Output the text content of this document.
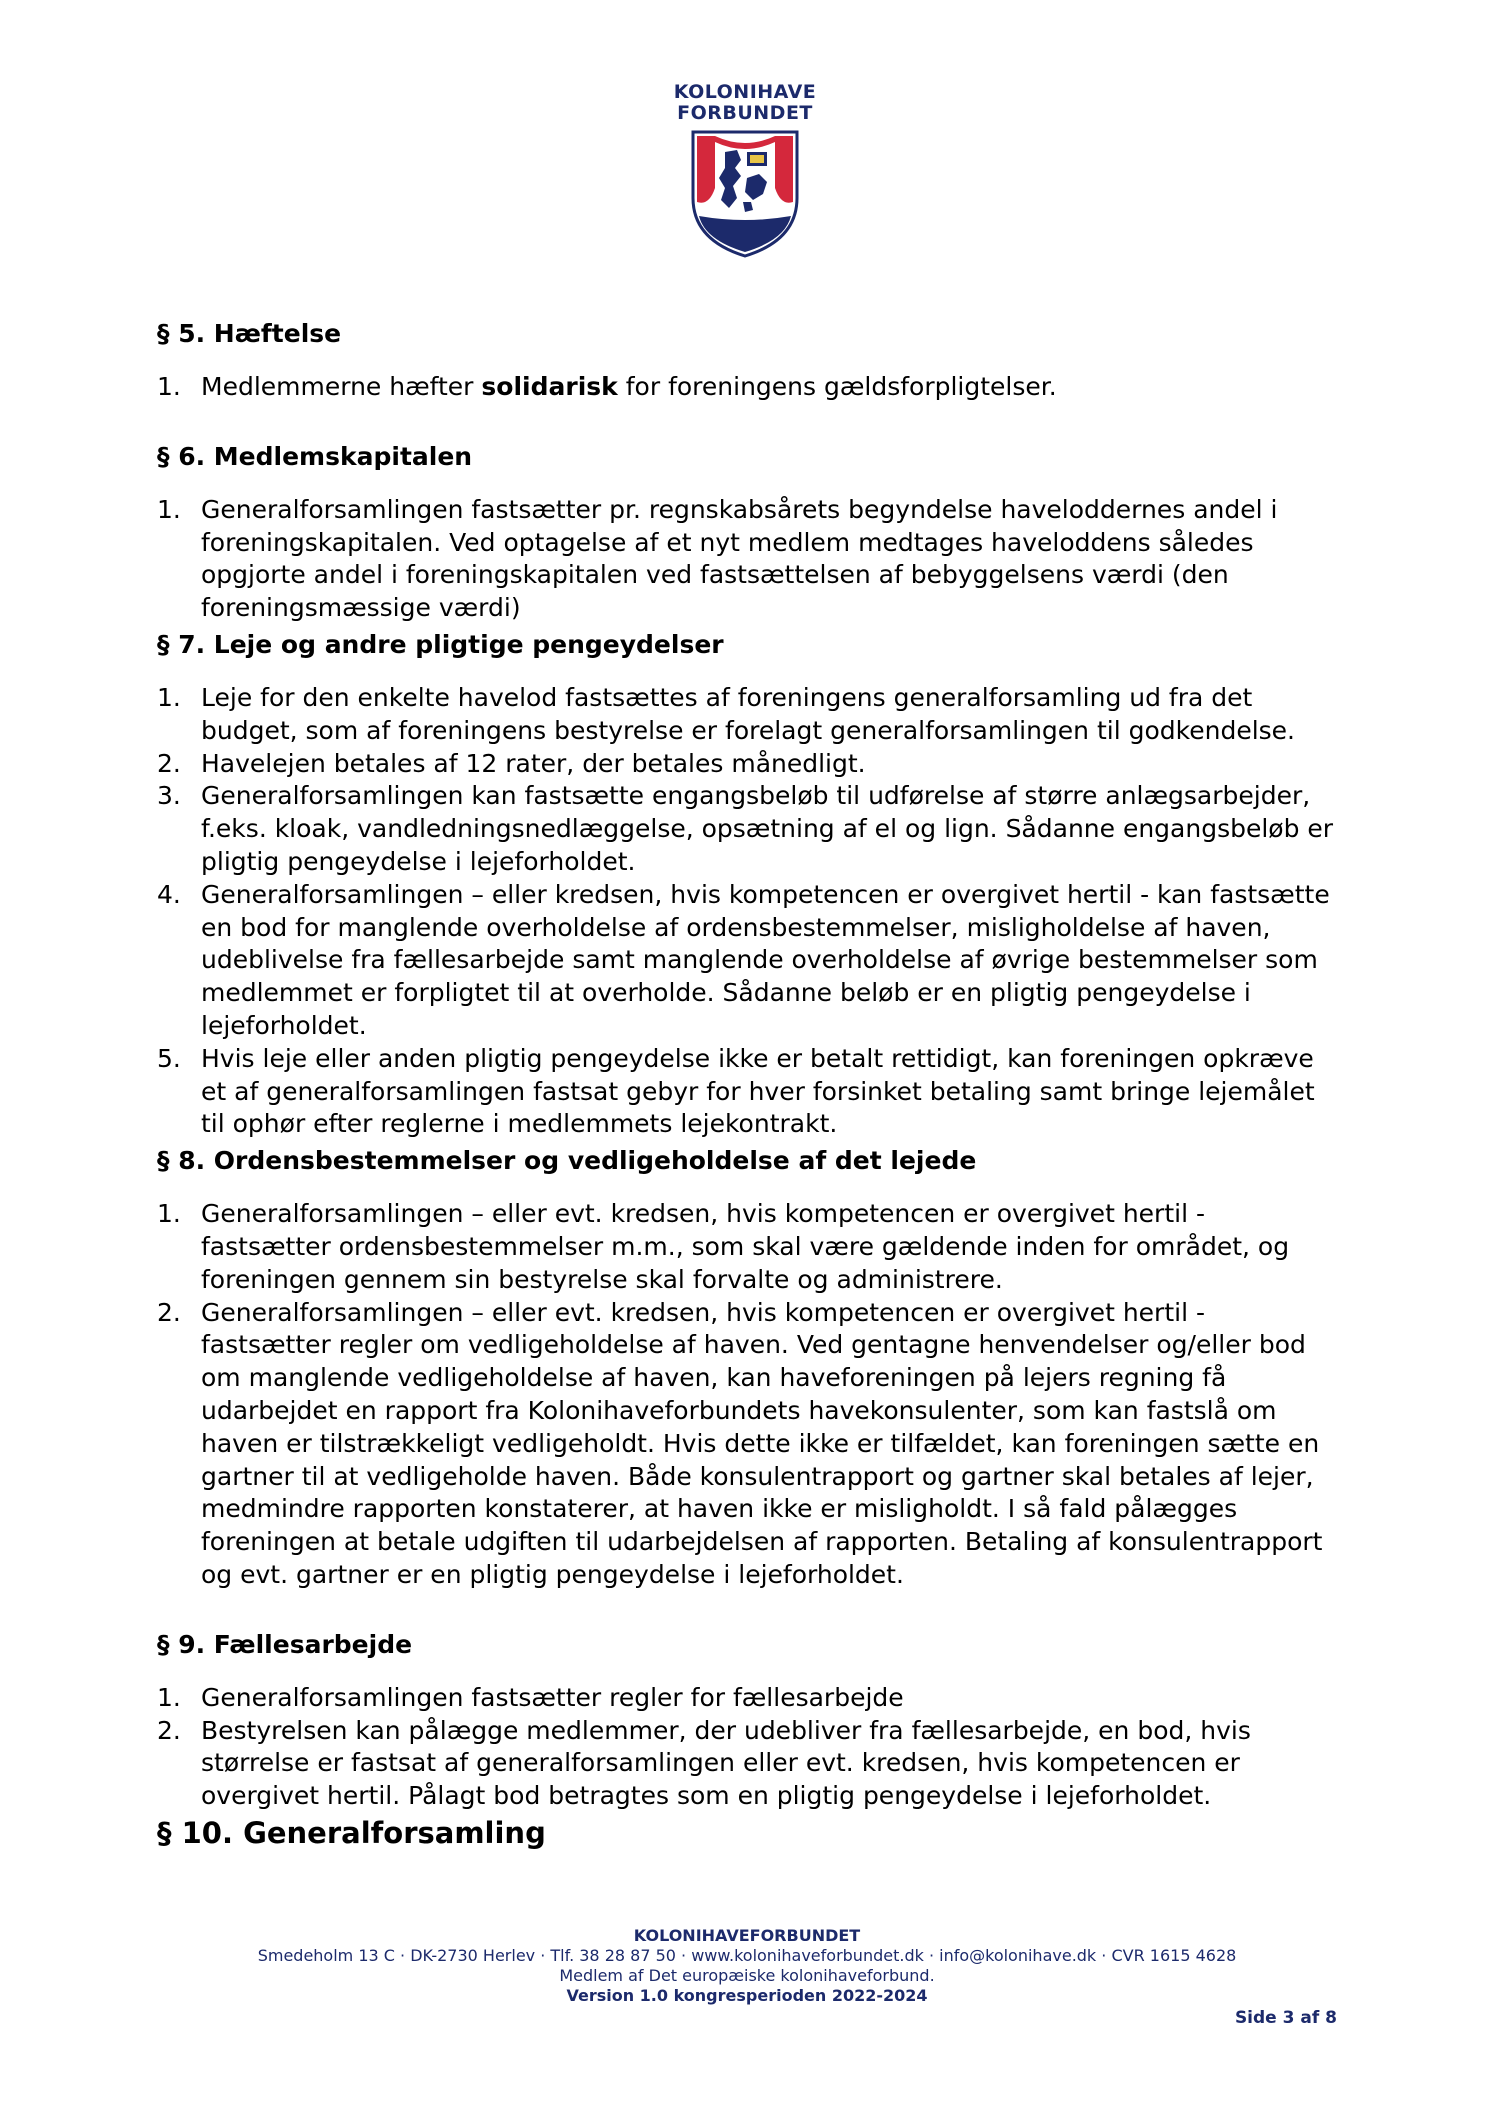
KOLONIHAVE
FORBUNDET
§ 5. Hæftelse
1. Medlemmerne hæfter solidarisk for foreningens gældsforpligtelser.
§ 6. Medlemskapitalen
1. Generalforsamlingen fastsætter pr. regnskabsårets begyndelse haveloddernes andel i foreningskapitalen. Ved optagelse af et nyt medlem medtages haveloddens således opgjorte andel i foreningskapitalen ved fastsættelsen af bebyggelsens værdi (den foreningsmæssige værdi)
§ 7. Leje og andre pligtige pengeydelser
1. Leje for den enkelte havelod fastsættes af foreningens generalforsamling ud fra det budget, som af foreningens bestyrelse er forelagt generalforsamlingen til godkendelse.
2. Havelejen betales af 12 rater, der betales månedligt.
3. Generalforsamlingen kan fastsætte engangsbeløb til udførelse af større anlægsarbejder, f.eks. kloak, vandledningsnedlæggelse, opsætning af el og lign. Sådanne engangsbeløb er pligtig pengeydelse i lejeforholdet.
4. Generalforsamlingen – eller kredsen, hvis kompetencen er overgivet hertil - kan fastsætte en bod for manglende overholdelse af ordensbestemmelser, misligholdelse af haven, udeblivelse fra fællesarbejde samt manglende overholdelse af øvrige bestemmelser som medlemmet er forpligtet til at overholde. Sådanne beløb er en pligtig pengeydelse i lejeforholdet.
5. Hvis leje eller anden pligtig pengeydelse ikke er betalt rettidigt, kan foreningen opkræve et af generalforsamlingen fastsat gebyr for hver forsinket betaling samt bringe lejemålet til ophør efter reglerne i medlemmets lejekontrakt.
§ 8. Ordensbestemmelser og vedligeholdelse af det lejede
1. Generalforsamlingen – eller evt. kredsen, hvis kompetencen er overgivet hertil - fastsætter ordensbestemmelser m.m., som skal være gældende inden for området, og foreningen gennem sin bestyrelse skal forvalte og administrere.
2. Generalforsamlingen – eller evt. kredsen, hvis kompetencen er overgivet hertil - fastsætter regler om vedligeholdelse af haven. Ved gentagne henvendelser og/eller bod om manglende vedligeholdelse af haven, kan haveforeningen på lejers regning få udarbejdet en rapport fra Kolonihaveforbundets havekonsulenter, som kan fastslå om haven er tilstrækkeligt vedligeholdt. Hvis dette ikke er tilfældet, kan foreningen sætte en gartner til at vedligeholde haven. Både konsulentrapport og gartner skal betales af lejer, medmindre rapporten konstaterer, at haven ikke er misligholdt. I så fald pålægges foreningen at betale udgiften til udarbejdelsen af rapporten. Betaling af konsulentrapport og evt. gartner er en pligtig pengeydelse i lejeforholdet.
§ 9. Fællesarbejde
1. Generalforsamlingen fastsætter regler for fællesarbejde
2. Bestyrelsen kan pålægge medlemmer, der udebliver fra fællesarbejde, en bod, hvis størrelse er fastsat af generalforsamlingen eller evt. kredsen, hvis kompetencen er overgivet hertil. Pålagt bod betragtes som en pligtig pengeydelse i lejeforholdet.
§ 10. Generalforsamling
KOLONIHAVEFORBUNDET
Smedeholm 13 C · DK-2730 Herlev · Tlf. 38 28 87 50 · www.kolonihaveforbundet.dk · info@kolonihave.dk · CVR 1615 4628
Medlem af Det europæiske kolonihaveforbund.
Version 1.0 kongresperioden 2022-2024
Side 3 af 8
